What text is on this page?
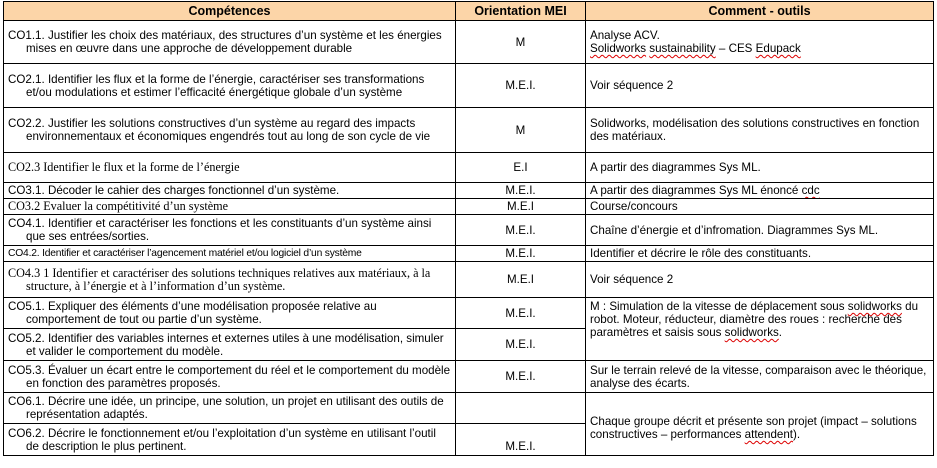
Compétences	Orientation MEI	Comment - outils

CO1.1. Justifier les choix des matériaux, des structures d’un système et les énergies mises en œuvre dans une approche de développement durable	M	Analyse ACV.
Solidworks sustainability – CES Edupack

CO2.1. Identifier les flux et la forme de l’énergie, caractériser ses transformations et/ou modulations et estimer l’efficacité énergétique globale d’un système	M.E.I.	Voir séquence 2

CO2.2. Justifier les solutions constructives d’un système au regard des impacts environnementaux et économiques engendrés tout au long de son cycle de vie	M	Solidworks, modélisation des solutions constructives en fonction des matériaux.

CO2.3 Identifier le flux et la forme de l’énergie	E.I	A partir des diagrammes Sys ML.

CO3.1. Décoder le cahier des charges fonctionnel d’un système.	M.E.I.	A partir des diagrammes Sys ML énoncé cdc

CO3.2 Evaluer la compétitivité d’un système	M.E.I	Course/concours

CO4.1. Identifier et caractériser les fonctions et les constituants d’un système ainsi que ses entrées/sorties.	M.E.I.	Chaîne d’énergie et d’infromation. Diagrammes Sys ML.

CO4.2. Identifier et caractériser l’agencement matériel et/ou logiciel d’un système	M.E.I.	Identifier et décrire le rôle des constituants.

CO4.3 1 Identifier et caractériser des solutions techniques relatives aux matériaux, à la structure, à l’énergie et à l’information d’un système.	M.E.I	Voir séquence 2

CO5.1. Expliquer des éléments d’une modélisation proposée relative au comportement de tout ou partie d’un système.	M.E.I.	M : Simulation de la vitesse de déplacement sous solidworks du robot. Moteur, réducteur, diamètre des roues : recherche des paramètres et saisis sous solidworks.

CO5.2. Identifier des variables internes et externes utiles à une modélisation, simuler et valider le comportement du modèle.	M.E.I.	

CO5.3. Évaluer un écart entre le comportement du réel et le comportement du modèle en fonction des paramètres proposés.	M.E.I.	Sur le terrain relevé de la vitesse, comparaison avec le théorique, analyse des écarts.

CO6.1. Décrire une idée, un principe, une solution, un projet en utilisant des outils de représentation adaptés.		Chaque groupe décrit et présente son projet (impact – solutions constructives – performances attendent).

CO6.2. Décrire le fonctionnement et/ou l’exploitation d’un système en utilisant l’outil de description le plus pertinent.	M.E.I.	
